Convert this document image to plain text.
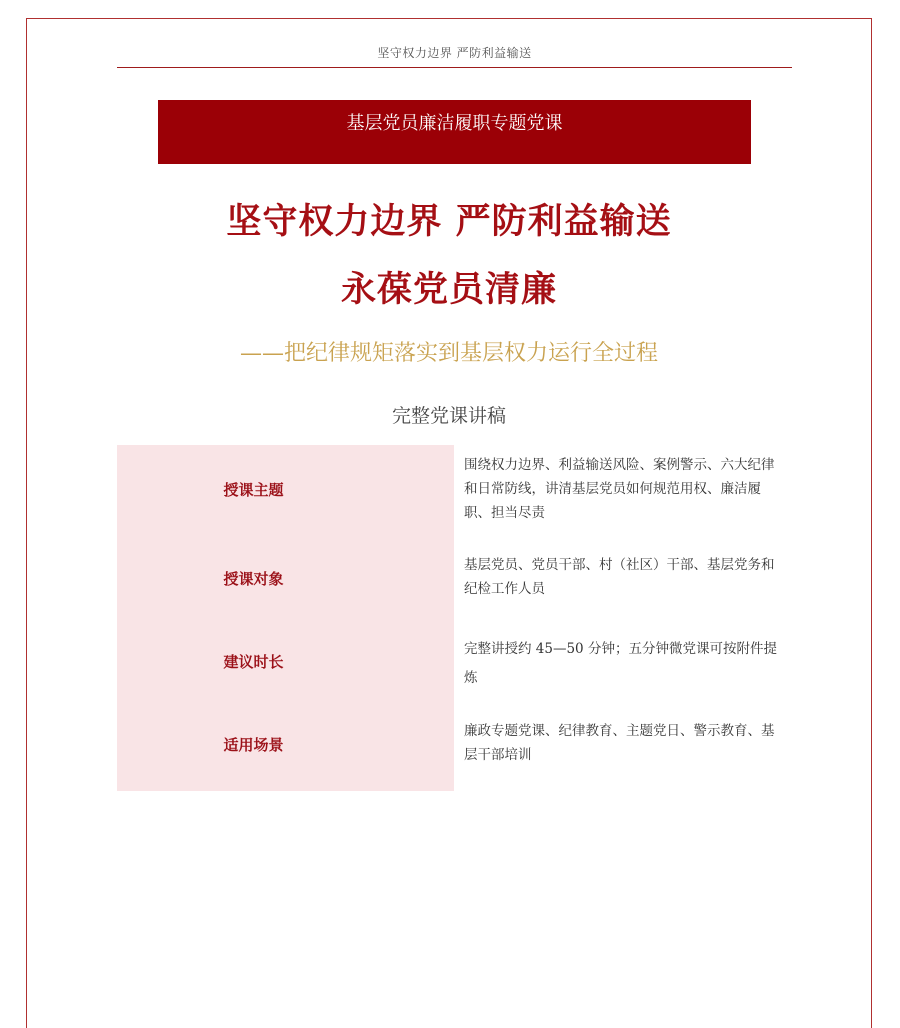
坚守权力边界 严防利益输送
基层党员廉洁履职专题党课
坚守权力边界 严防利益输送
永葆党员清廉
——把纪律规矩落实到基层权力运行全过程
完整党课讲稿
授课主题
围绕权力边界、利益输送风险、案例警示、六大纪律和日常防线，讲清基层党员如何规范用权、廉洁履职、担当尽责
授课对象
基层党员、党员干部、村（社区）干部、基层党务和纪检工作人员
建议时长
完整讲授约 45—50 分钟；五分钟微党课可按附件提炼
适用场景
廉政专题党课、纪律教育、主题党日、警示教育、基层干部培训
